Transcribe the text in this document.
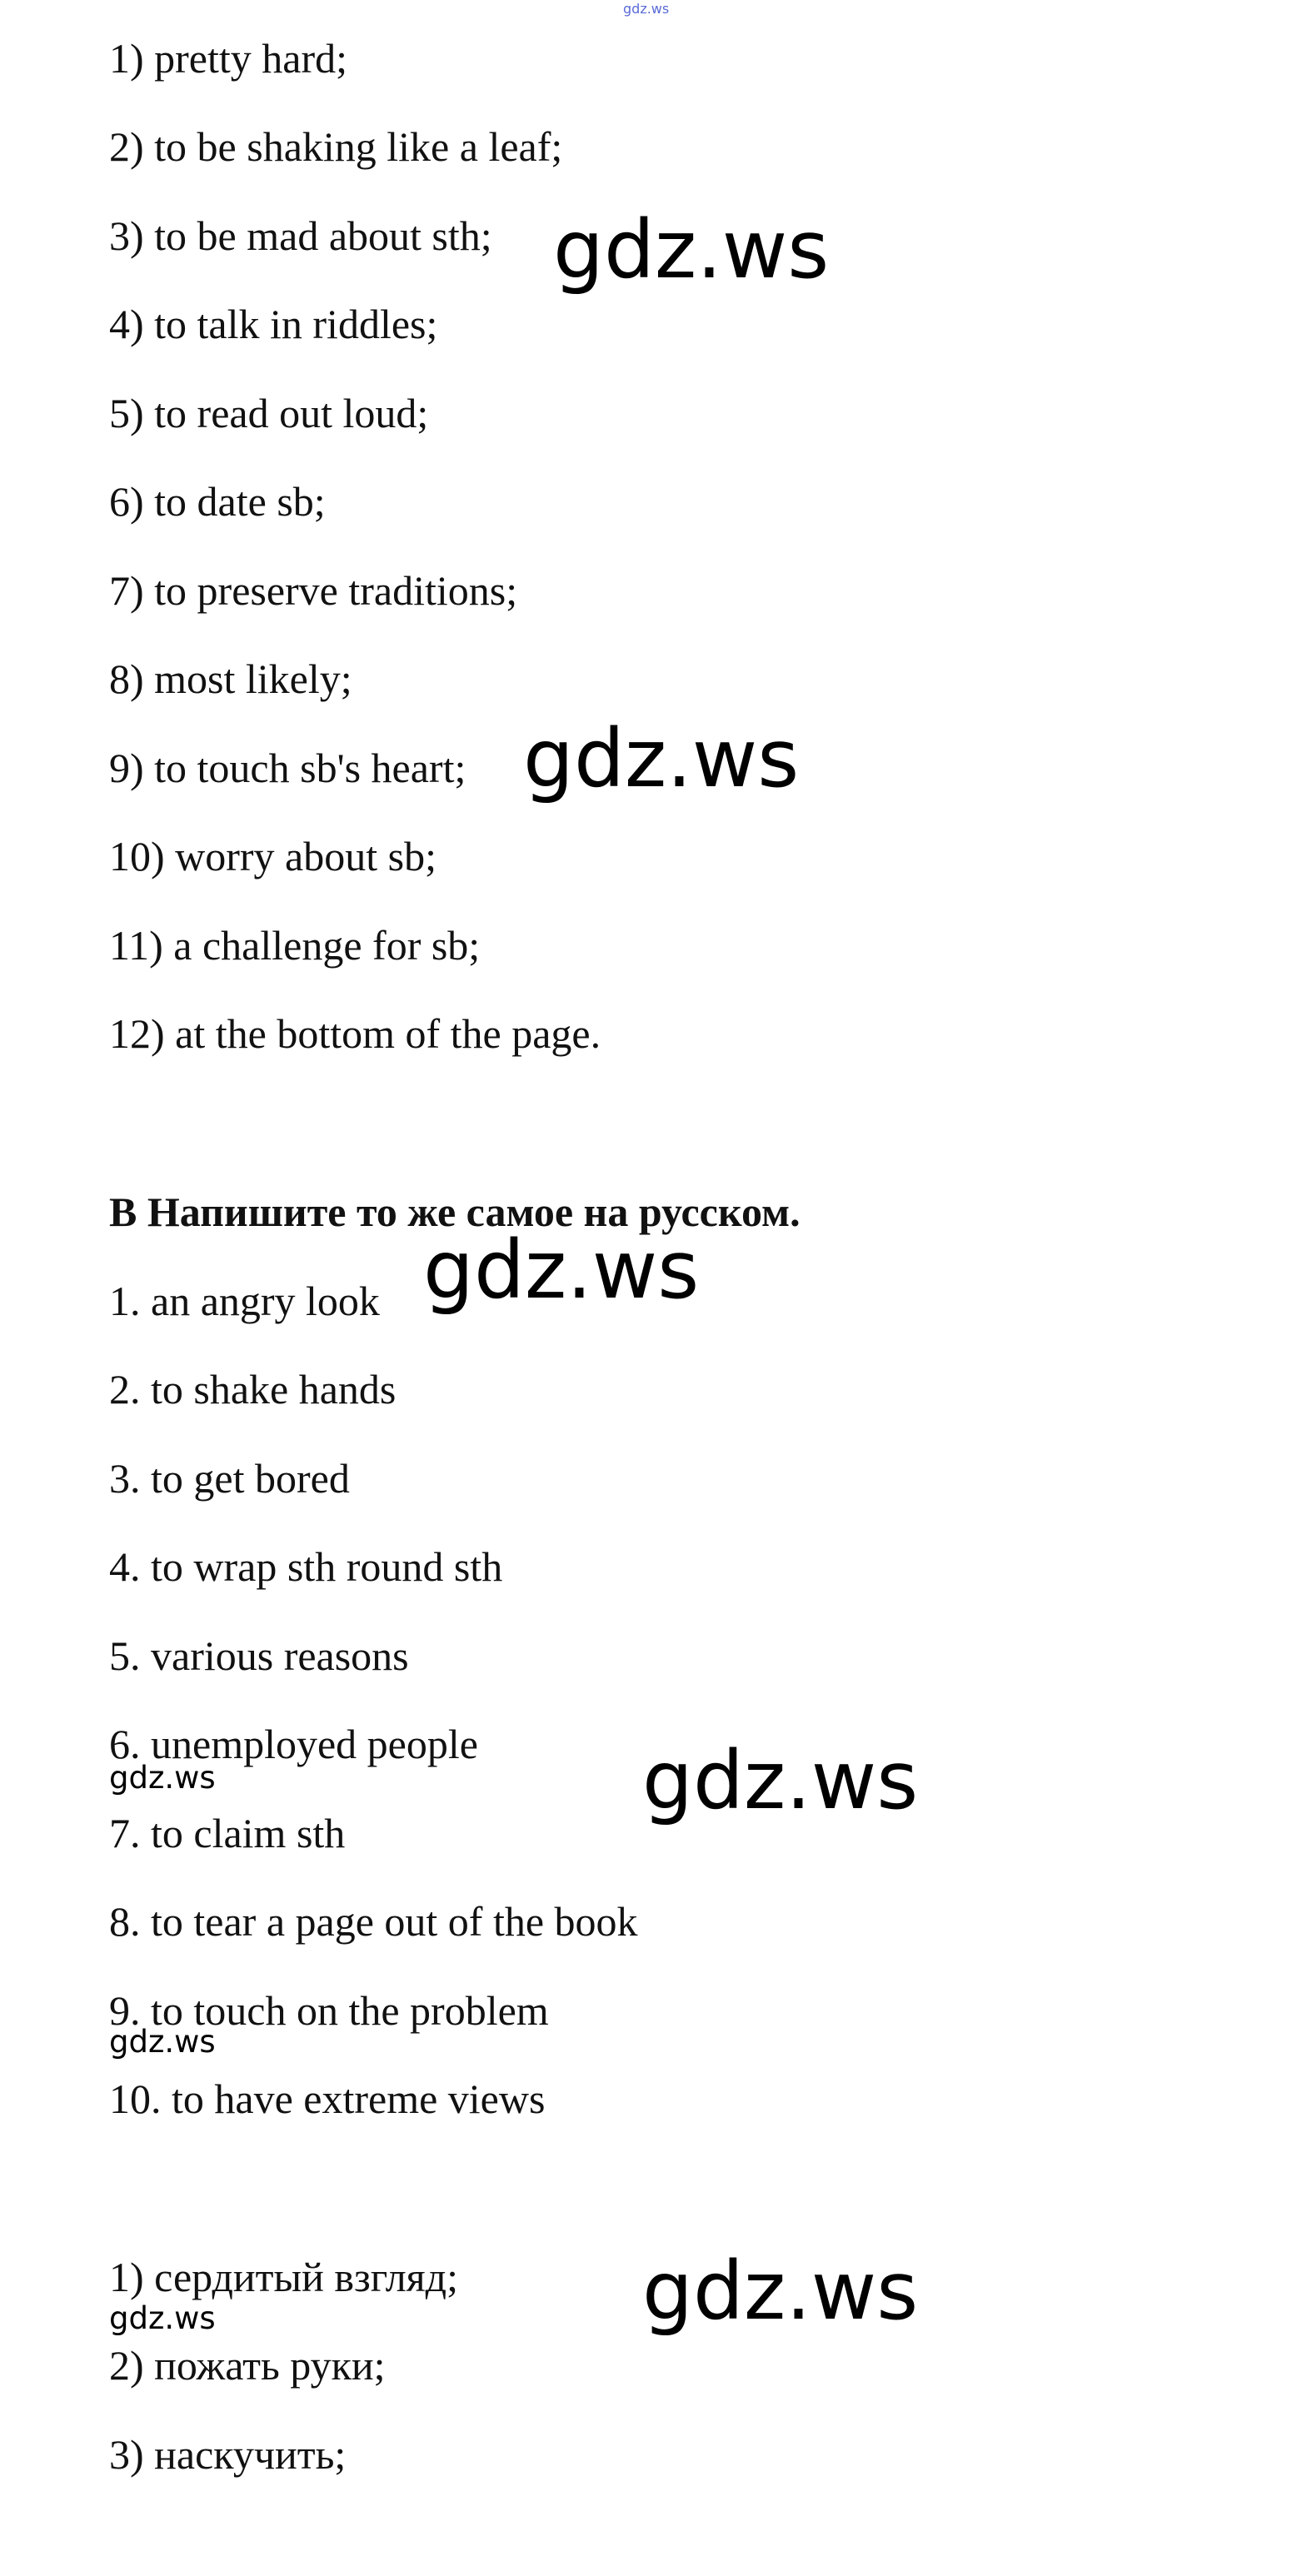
gdz.ws
1) pretty hard;
2) to be shaking like a leaf;
3) to be mad about sth;
4) to talk in riddles;
5) to read out loud;
6) to date sb;
7) to preserve traditions;
8) most likely;
9) to touch sb's heart;
10) worry about sb;
11) a challenge for sb;
12) at the bottom of the page.
В Напишите то же самое на русском.
1. an angry look
2. to shake hands
3. to get bored
4. to wrap sth round sth
5. various reasons
6. unemployed people
7. to claim sth
8. to tear a page out of the book
9. to touch on the problem
10. to have extreme views
1) сердитый взгляд;
2) пожать руки;
3) наскучить;
gdz.ws
gdz.ws
gdz.ws
gdz.ws
gdz.ws
gdz.ws
gdz.ws
gdz.ws
